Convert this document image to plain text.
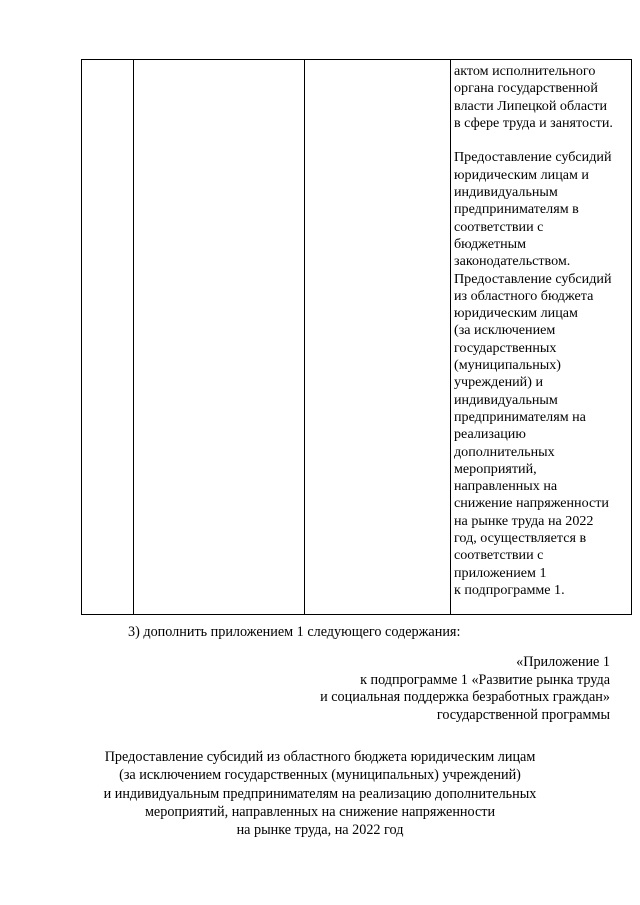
актом исполнительного
органа государственной
власти Липецкой области
в сфере труда и занятости.
Предоставление субсидий
юридическим лицам и
индивидуальным
предпринимателям в
соответствии с
бюджетным
законодательством.
Предоставление субсидий
из областного бюджета
юридическим лицам
(за исключением
государственных
(муниципальных)
учреждений) и
индивидуальным
предпринимателям на
реализацию
дополнительных
мероприятий,
направленных на
снижение напряженности
на рынке труда на 2022
год, осуществляется в
соответствии с
приложением 1
к подпрограмме 1.
3) дополнить приложением 1 следующего содержания:
«Приложение 1
к подпрограмме 1 «Развитие рынка труда
и социальная поддержка безработных граждан»
государственной программы
Предоставление субсидий из областного бюджета юридическим лицам
(за исключением государственных (муниципальных) учреждений)
и индивидуальным предпринимателям на реализацию дополнительных
мероприятий, направленных на снижение напряженности
на рынке труда, на 2022 год
